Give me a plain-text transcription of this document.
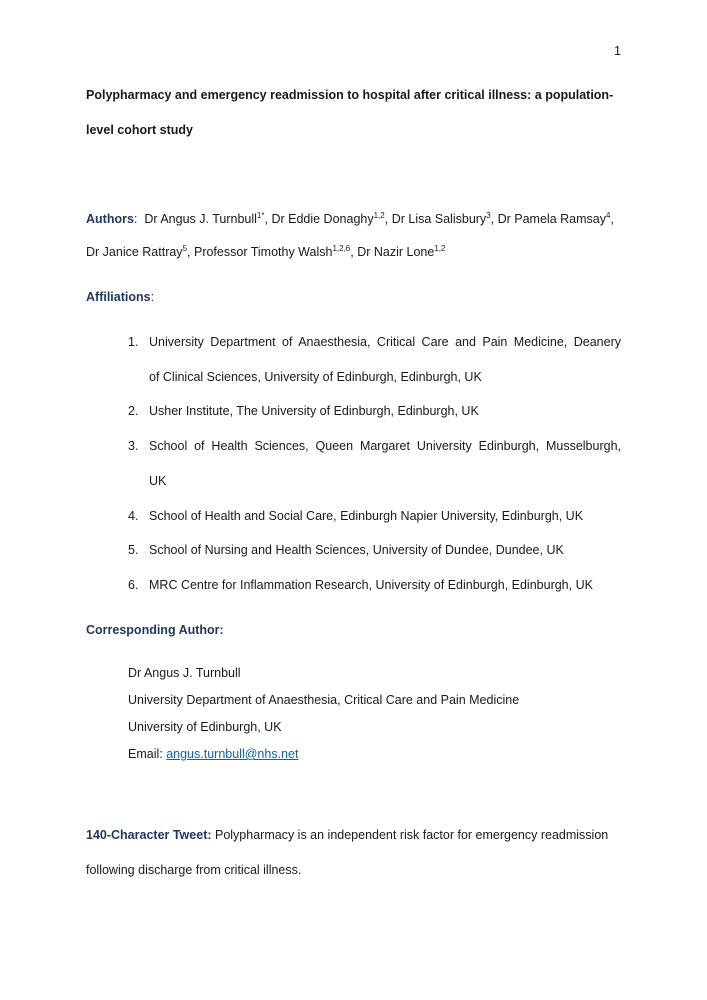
1
Polypharmacy and emergency readmission to hospital after critical illness: a population-
level cohort study
Authors: Dr Angus J. Turnbull$^{1*}$, Dr Eddie Donaghy$^{1,2}$, Dr Lisa Salisbury$^3$, Dr Pamela Ramsay$^4$,
Dr Janice Rattray$^5$, Professor Timothy Walsh$^{1,2,6}$, Dr Nazir Lone$^{1,2}$
Affiliations:
1. University Department of Anaesthesia, Critical Care and Pain Medicine, Deanery
of Clinical Sciences, University of Edinburgh, Edinburgh, UK
2. Usher Institute, The University of Edinburgh, Edinburgh, UK
3. School of Health Sciences, Queen Margaret University Edinburgh, Musselburgh,
UK
4. School of Health and Social Care, Edinburgh Napier University, Edinburgh, UK
5. School of Nursing and Health Sciences, University of Dundee, Dundee, UK
6. MRC Centre for Inflammation Research, University of Edinburgh, Edinburgh, UK
Corresponding Author:
Dr Angus J. Turnbull
University Department of Anaesthesia, Critical Care and Pain Medicine
University of Edinburgh, UK
Email: angus.turnbull@nhs.net
140-Character Tweet: Polypharmacy is an independent risk factor for emergency readmission
following discharge from critical illness.
